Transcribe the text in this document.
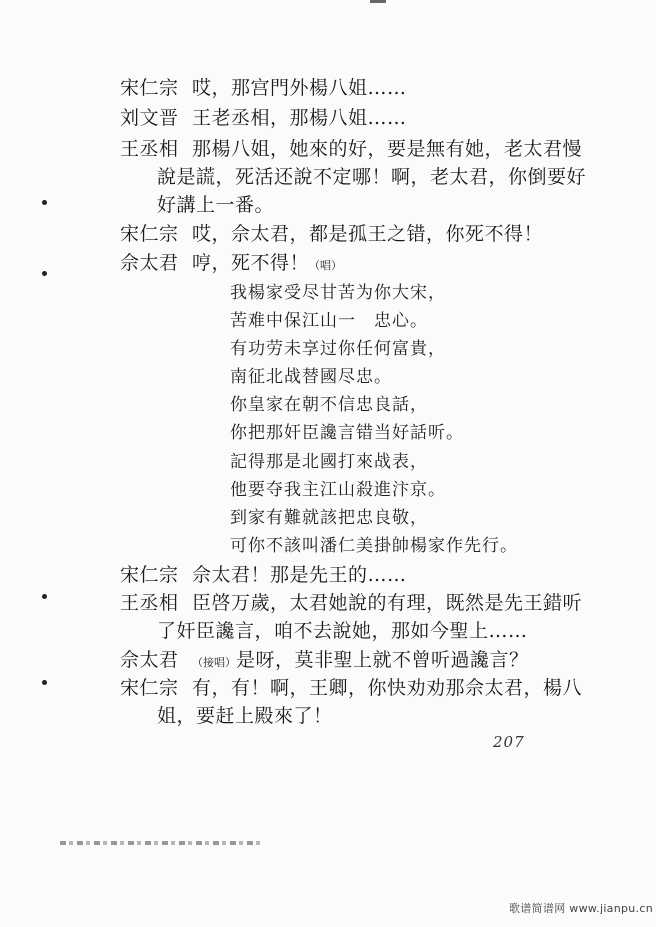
宋仁宗 哎，那宫門外楊八姐……
刘文晋 王老丞相，那楊八姐……
王丞相 那楊八姐，她來的好，要是無有她，老太君慢
說是謊，死活还說不定哪！啊，老太君，你倒要好
好講上一番。
宋仁宗 哎，佘太君，都是孤王之错，你死不得！
佘太君 哼，死不得！（唱）
我楊家受尽甘苦为你大宋，
苦难中保江山一　忠心。
有功劳未享过你任何富貴，
南征北战替國尽忠。
你皇家在朝不信忠良話，
你把那奸臣讒言错当好話听。
記得那是北國打來战表，
他要夺我主江山殺進汴京。
到家有難就該把忠良敬，
可你不該叫潘仁美掛帥楊家作先行。
宋仁宗 佘太君！那是先王的……
王丞相 臣啓万歲，太君她說的有理，既然是先王錯听
了奸臣讒言，咱不去說她，那如今聖上……
佘太君 （接唱）是呀，莫非聖上就不曾听過讒言？
宋仁宗 有，有！啊，王卿，你快劝劝那佘太君，楊八
姐，要赶上殿來了！
207
歌谱简谱网 www.jianpu.cn
